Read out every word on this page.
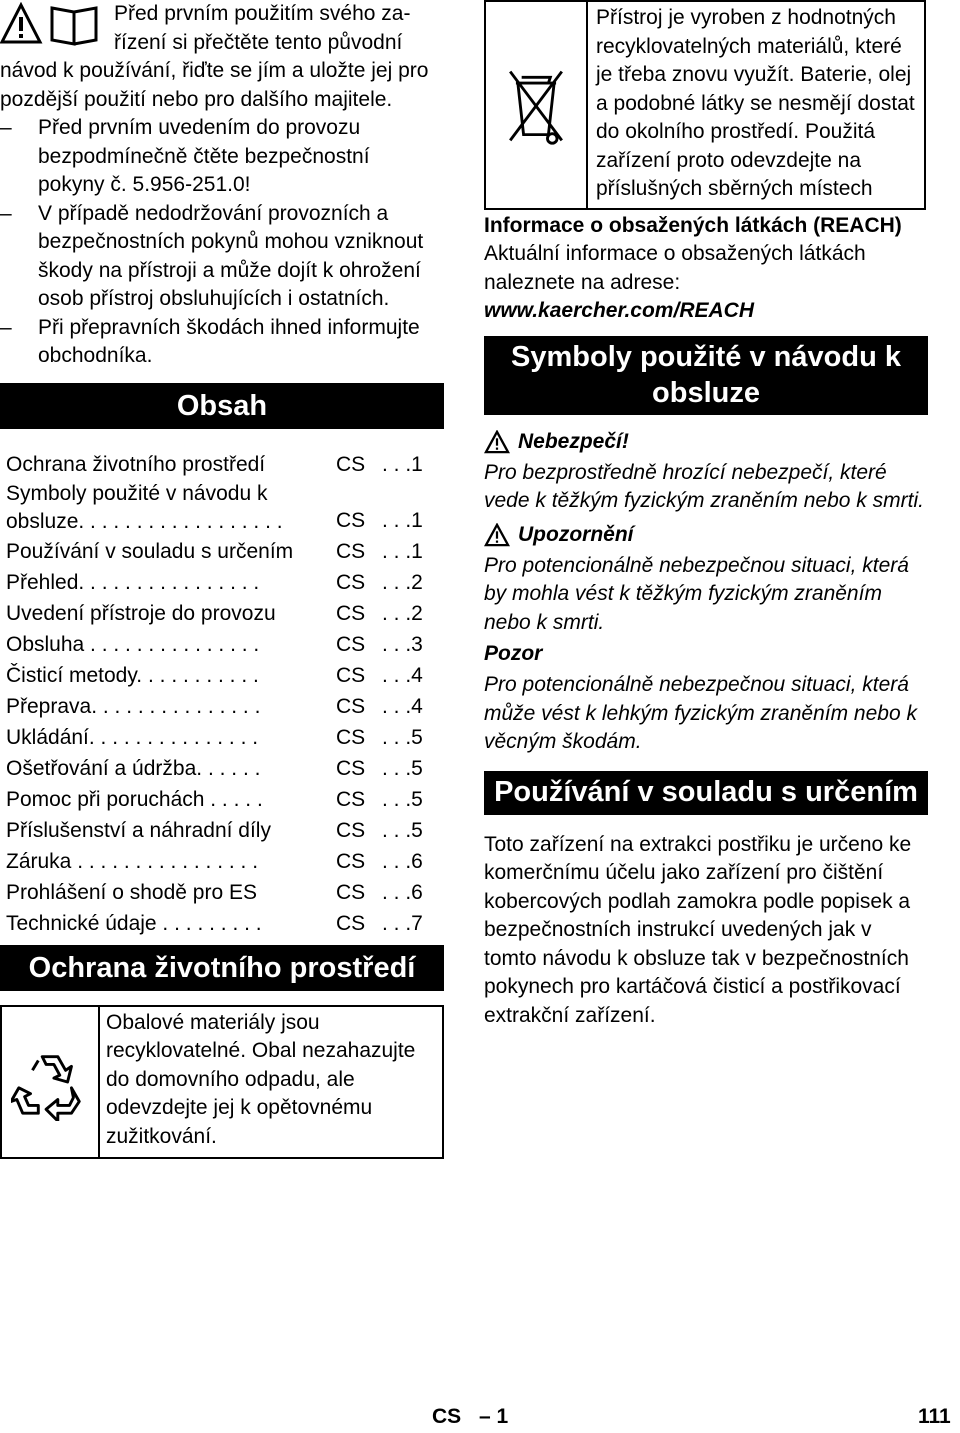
Před prvním použitím svého za-

řízení si přečtěte tento původní

návod k používání, řiďte se jím a uložte jej pro pozdější použití nebo pro dalšího majitele.

– Před prvním uvedením do provozu bezpodmínečně čtěte bezpečnostní pokyny č. 5.956-251.0!

– V případě nedodržování provozních a bezpečnostních pokynů mohou vzniknout škody na přístroji a může dojít k ohrožení osob přístroj obsluhujících i ostatních.

– Při přepravních škodách ihned informujte obchodníka.

Obsah
Ochrana životního prostředí	CS . . .1
Symboly použité v návodu k obsluze. . . . . . . . . . . . . . . . . .	CS . . .1
Používání v souladu s určením	CS . . .1
Přehled. . . . . . . . . . . . . . . .	CS . . .2
Uvedení přístroje do provozu	CS . . .2
Obsluha . . . . . . . . . . . . . . .	CS . . .3
Čisticí metody. . . . . . . . . . .	CS . . .4
Přeprava. . . . . . . . . . . . . . .	CS . . .4
Ukládání. . . . . . . . . . . . . . .	CS . . .5
Ošetřování a údržba. . . . . .	CS . . .5
Pomoc při poruchách . . . . .	CS . . .5
Příslušenství a náhradní díly	CS . . .5
Záruka . . . . . . . . . . . . . . . .	CS . . .6
Prohlášení o shodě pro ES	CS . . .6
Technické údaje . . . . . . . . .	CS . . .7
Ochrana životního prostředí
Obalové materiály jsou recyklovatelné. Obal nezahazujte do domovního odpadu, ale odevzdejte jej k opětovnému zužitkování.
Přístroj je vyroben z hodnotných recyklovatelných materiálů, které je třeba znovu využít. Baterie, olej a podobné látky se nesmějí dostat do okolního prostředí. Použitá zařízení proto odevzdejte na příslušných sběrných místech
Informace o obsažených látkách (REACH)
Aktuální informace o obsažených látkách naleznete na adrese:
www.kaercher.com/REACH
Symboly použité v návodu k obsluze
Nebezpečí!
Pro bezprostředně hrozící nebezpečí, které vede k těžkým fyzickým zraněním nebo k smrti.
Upozornění
Pro potencionálně nebezpečnou situaci, která by mohla vést k těžkým fyzickým zraněním nebo k smrti.
Pozor
Pro potencionálně nebezpečnou situaci, která může vést k lehkým fyzickým zraněním nebo k věcným škodám.
Používání v souladu s určením
Toto zařízení na extrakci postřiku je určeno ke komerčnímu účelu jako zařízení pro čištění kobercových podlah zamokra podle popisek a bezpečnostních instrukcí uvedených jak v tomto návodu k obsluze tak v bezpečnostních pokynech pro kartáčová čisticí a postřikovací extrakční zařízení.
CS – 1	111
